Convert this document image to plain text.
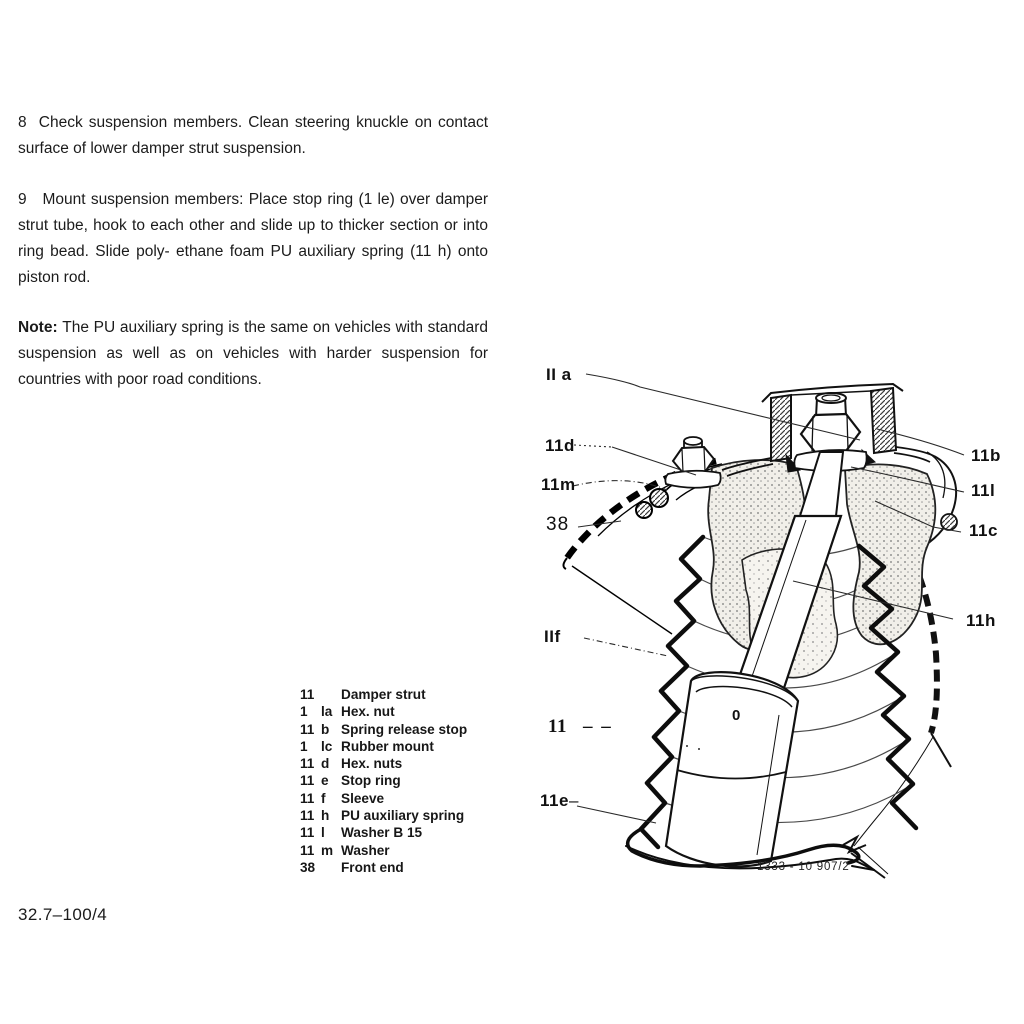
8  Check suspension members. Clean steering knuckle on contact surface of lower damper strut suspension.

9   Mount suspension members: Place stop ring (1 le) over damper strut tube, hook to each other and slide up to thicker section or into ring bead. Slide poly- ethane foam PU auxiliary spring (11 h) onto piston rod.

Note: The PU auxiliary spring is the same on vehicles with standard suspension as well as on vehicles with harder suspension for countries with poor road conditions.

11	Damper strut
1 la Hex. nut
11 b Spring release stop
1 lc Rubber mount
11 d Hex. nuts
11 e Stop ring
11 f	Sleeve
11 h PU auxiliary spring
11 l	Washer B 15
11 m Washer
38	Front end
II a
11d
11m
38
IIf
11 – –
11e–
11b
11l
11c
11h
0
1333 - 10 907/2
32.7–100/4
